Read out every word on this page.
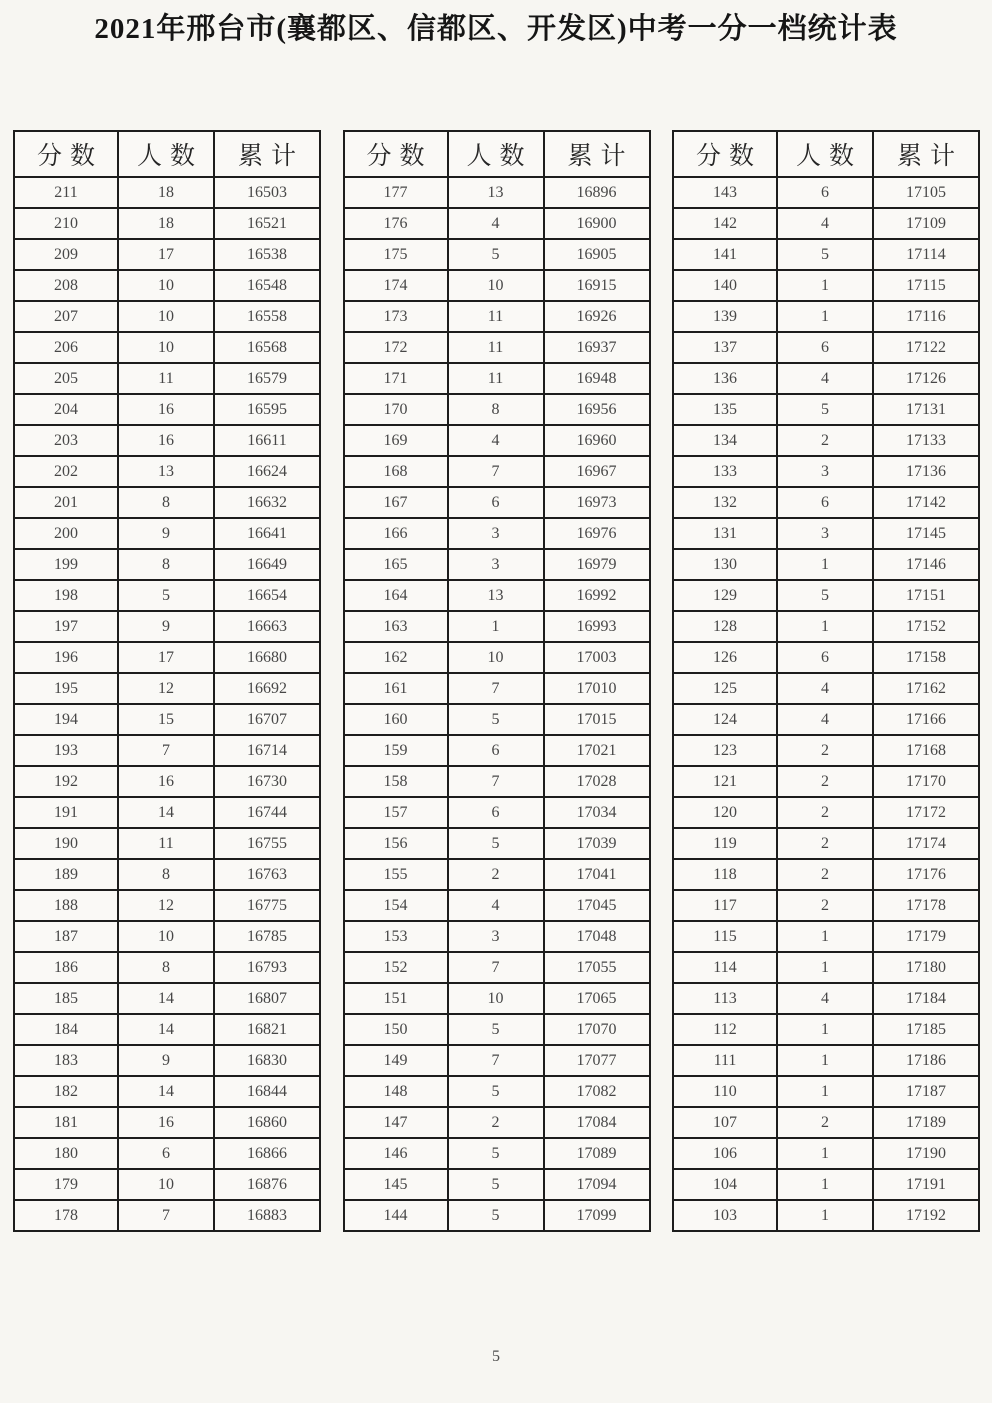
2021年邢台市(襄都区、信都区、开发区)中考一分一档统计表
分数	人数	累计
211	18	16503
210	18	16521
209	17	16538
208	10	16548
207	10	16558
206	10	16568
205	11	16579
204	16	16595
203	16	16611
202	13	16624
201	8	16632
200	9	16641
199	8	16649
198	5	16654
197	9	16663
196	17	16680
195	12	16692
194	15	16707
193	7	16714
192	16	16730
191	14	16744
190	11	16755
189	8	16763
188	12	16775
187	10	16785
186	8	16793
185	14	16807
184	14	16821
183	9	16830
182	14	16844
181	16	16860
180	6	16866
179	10	16876
178	7	16883
分数	人数	累计
177	13	16896
176	4	16900
175	5	16905
174	10	16915
173	11	16926
172	11	16937
171	11	16948
170	8	16956
169	4	16960
168	7	16967
167	6	16973
166	3	16976
165	3	16979
164	13	16992
163	1	16993
162	10	17003
161	7	17010
160	5	17015
159	6	17021
158	7	17028
157	6	17034
156	5	17039
155	2	17041
154	4	17045
153	3	17048
152	7	17055
151	10	17065
150	5	17070
149	7	17077
148	5	17082
147	2	17084
146	5	17089
145	5	17094
144	5	17099
分数	人数	累计
143	6	17105
142	4	17109
141	5	17114
140	1	17115
139	1	17116
137	6	17122
136	4	17126
135	5	17131
134	2	17133
133	3	17136
132	6	17142
131	3	17145
130	1	17146
129	5	17151
128	1	17152
126	6	17158
125	4	17162
124	4	17166
123	2	17168
121	2	17170
120	2	17172
119	2	17174
118	2	17176
117	2	17178
115	1	17179
114	1	17180
113	4	17184
112	1	17185
111	1	17186
110	1	17187
107	2	17189
106	1	17190
104	1	17191
103	1	17192
5
